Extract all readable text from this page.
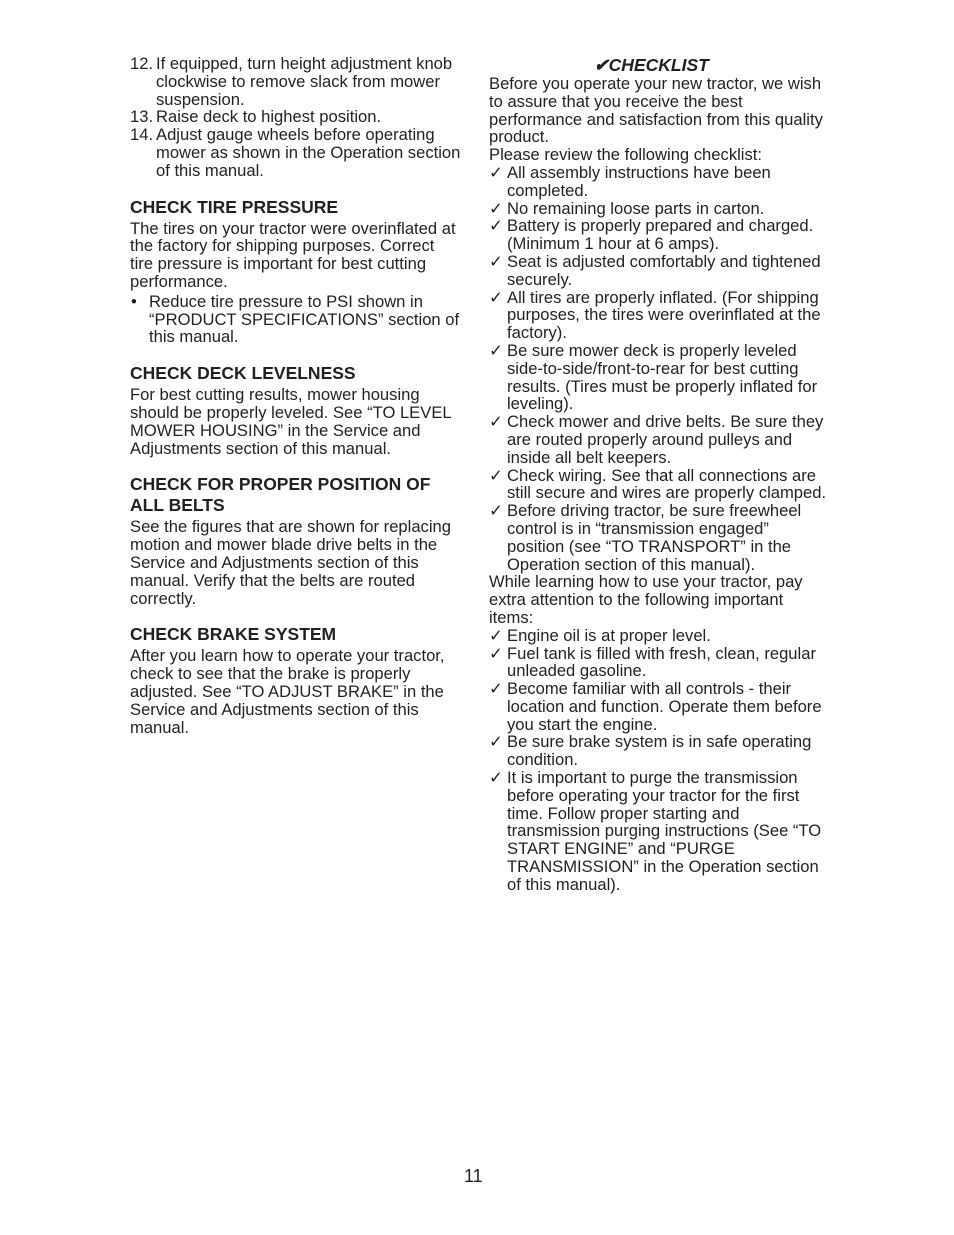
12. If equipped, turn height adjustment knob clockwise to remove slack from mower suspension.
13. Raise deck to highest position.
14. Adjust gauge wheels before operating mower as shown in the Operation section of this manual.
CHECK TIRE PRESSURE

The tires on your tractor were overinflated at the factory for shipping purposes. Correct tire pressure is important for best cutting performance.

• Reduce tire pressure to PSI shown in “PRODUCT SPECIFICATIONS” section of this manual.
CHECK DECK LEVELNESS

For best cutting results, mower housing should be properly leveled. See “TO LEVEL MOWER HOUSING” in the Service and Adjustments section of this manual.

CHECK FOR PROPER POSITION OF ALL BELTS

See the figures that are shown for replacing motion and mower blade drive belts in the Service and Adjustments section of this manual. Verify that the belts are routed correctly.

CHECK BRAKE SYSTEM

After you learn how to operate your tractor, check to see that the brake is properly adjusted. See “TO ADJUST BRAKE” in the Service and Adjustments section of this manual.

✔CHECKLIST

Before you operate your new tractor, we wish to assure that you receive the best performance and satisfaction from this quality product.

Please review the following checklist:

✓ All assembly instructions have been completed.
✓ No remaining loose parts in carton.
✓ Battery is properly prepared and charged. (Minimum 1 hour at 6 amps).
✓ Seat is adjusted comfortably and tightened securely.
✓ All tires are properly inflated. (For shipping purposes, the tires were overinflated at the factory).
✓ Be sure mower deck is properly leveled side-to-side/front-to-rear for best cutting results. (Tires must be properly inflated for leveling).
✓ Check mower and drive belts. Be sure they are routed properly around pulleys and inside all belt keepers.
✓ Check wiring. See that all connections are still secure and wires are properly clamped.
✓ Before driving tractor, be sure freewheel control is in “transmission engaged” position (see “TO TRANSPORT” in the Operation section of this manual).

While learning how to use your tractor, pay extra attention to the following important items:

✓ Engine oil is at proper level.
✓ Fuel tank is filled with fresh, clean, regular unleaded gasoline.
✓ Become familiar with all controls - their location and function. Operate them before you start the engine.
✓ Be sure brake system is in safe operating condition.
✓ It is important to purge the transmission before operating your tractor for the first time. Follow proper starting and transmission purging instructions (See “TO START ENGINE” and “PURGE TRANSMISSION” in the Operation section of this manual).
11
